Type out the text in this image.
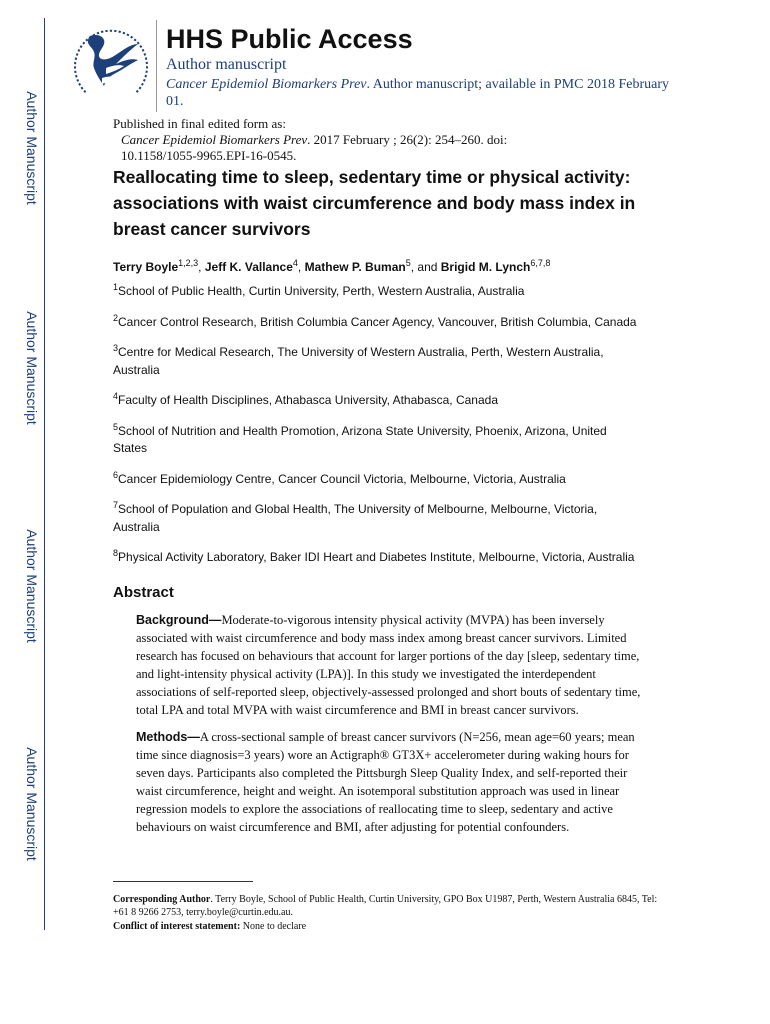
Author Manuscript
Author Manuscript
Author Manuscript
Author Manuscript
HHS Public Access
Author manuscript
Cancer Epidemiol Biomarkers Prev. Author manuscript; available in PMC 2018 February 01.
Published in final edited form as:
Cancer Epidemiol Biomarkers Prev. 2017 February ; 26(2): 254–260. doi:
10.1158/1055-9965.EPI-16-0545.
Reallocating time to sleep, sedentary time or physical activity: associations with waist circumference and body mass index in breast cancer survivors
Terry Boyle$^{1,2,3}$, Jeff K. Vallance$^4$, Mathew P. Buman$^5$, and Brigid M. Lynch$^{6,7,8}$

$^1$School of Public Health, Curtin University, Perth, Western Australia, Australia

$^2$Cancer Control Research, British Columbia Cancer Agency, Vancouver, British Columbia, Canada

$^3$Centre for Medical Research, The University of Western Australia, Perth, Western Australia, Australia

$^4$Faculty of Health Disciplines, Athabasca University, Athabasca, Canada

$^5$School of Nutrition and Health Promotion, Arizona State University, Phoenix, Arizona, United States

$^6$Cancer Epidemiology Centre, Cancer Council Victoria, Melbourne, Victoria, Australia

$^7$School of Population and Global Health, The University of Melbourne, Melbourne, Victoria, Australia

$^8$Physical Activity Laboratory, Baker IDI Heart and Diabetes Institute, Melbourne, Victoria, Australia

Abstract

Background—Moderate-to-vigorous intensity physical activity (MVPA) has been inversely associated with waist circumference and body mass index among breast cancer survivors. Limited research has focused on behaviours that account for larger portions of the day [sleep, sedentary time, and light-intensity physical activity (LPA)]. In this study we investigated the interdependent associations of self-reported sleep, objectively-assessed prolonged and short bouts of sedentary time, total LPA and total MVPA with waist circumference and BMI in breast cancer survivors.

Methods—A cross-sectional sample of breast cancer survivors (N=256, mean age=60 years; mean time since diagnosis=3 years) wore an Actigraph® GT3X+ accelerometer during waking hours for seven days. Participants also completed the Pittsburgh Sleep Quality Index, and self-reported their waist circumference, height and weight. An isotemporal substitution approach was used in linear regression models to explore the associations of reallocating time to sleep, sedentary and active behaviours on waist circumference and BMI, after adjusting for potential confounders.

Corresponding Author. Terry Boyle, School of Public Health, Curtin University, GPO Box U1987, Perth, Western Australia 6845, Tel: +61 8 9266 2753, terry.boyle@curtin.edu.au.
Conflict of interest statement: None to declare
